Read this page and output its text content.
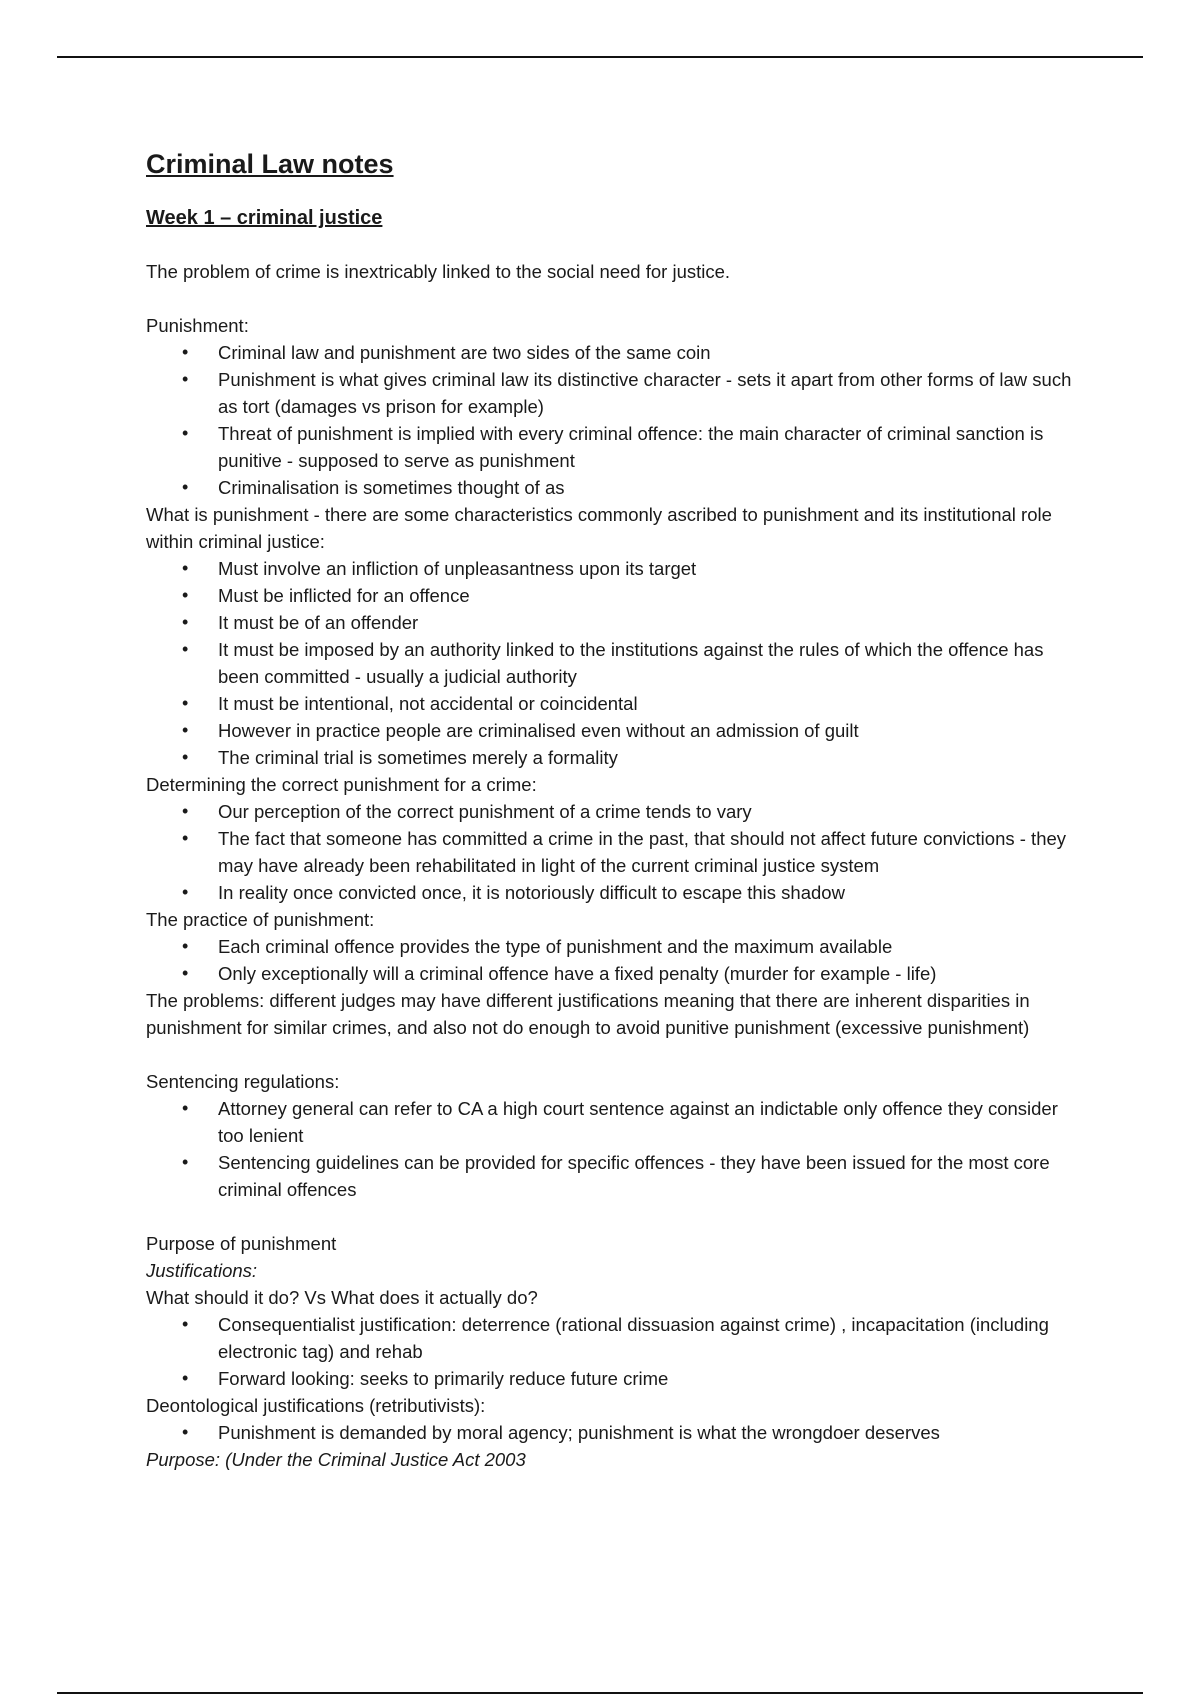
Criminal Law notes
Week 1 – criminal justice

The problem of crime is inextricably linked to the social need for justice.

Punishment:

• Criminal law and punishment are two sides of the same coin
• Punishment is what gives criminal law its distinctive character - sets it apart from other forms of law such as tort (damages vs prison for example)
• Threat of punishment is implied with every criminal offence: the main character of criminal sanction is punitive - supposed to serve as punishment
• Criminalisation is sometimes thought of as

What is punishment - there are some characteristics commonly ascribed to punishment and its institutional role within criminal justice:

• Must involve an infliction of unpleasantness upon its target
• Must be inflicted for an offence
• It must be of an offender
• It must be imposed by an authority linked to the institutions against the rules of which the offence has been committed - usually a judicial authority
• It must be intentional, not accidental or coincidental
• However in practice people are criminalised even without an admission of guilt
• The criminal trial is sometimes merely a formality

Determining the correct punishment for a crime:

• Our perception of the correct punishment of a crime tends to vary
• The fact that someone has committed a crime in the past, that should not affect future convictions - they may have already been rehabilitated in light of the current criminal justice system
• In reality once convicted once, it is notoriously difficult to escape this shadow

The practice of punishment:

• Each criminal offence provides the type of punishment and the maximum available
• Only exceptionally will a criminal offence have a fixed penalty (murder for example - life)

The problems: different judges may have different justifications meaning that there are inherent disparities in punishment for similar crimes, and also not do enough to avoid punitive punishment (excessive punishment)

Sentencing regulations:

• Attorney general can refer to CA a high court sentence against an indictable only offence they consider too lenient
• Sentencing guidelines can be provided for specific offences - they have been issued for the most core criminal offences

Purpose of punishment

Justifications:

What should it do? Vs What does it actually do?

• Consequentialist justification: deterrence (rational dissuasion against crime) , incapacitation (including electronic tag) and rehab
• Forward looking: seeks to primarily reduce future crime

Deontological justifications (retributivists):

• Punishment is demanded by moral agency; punishment is what the wrongdoer deserves

Purpose: (Under the Criminal Justice Act 2003
